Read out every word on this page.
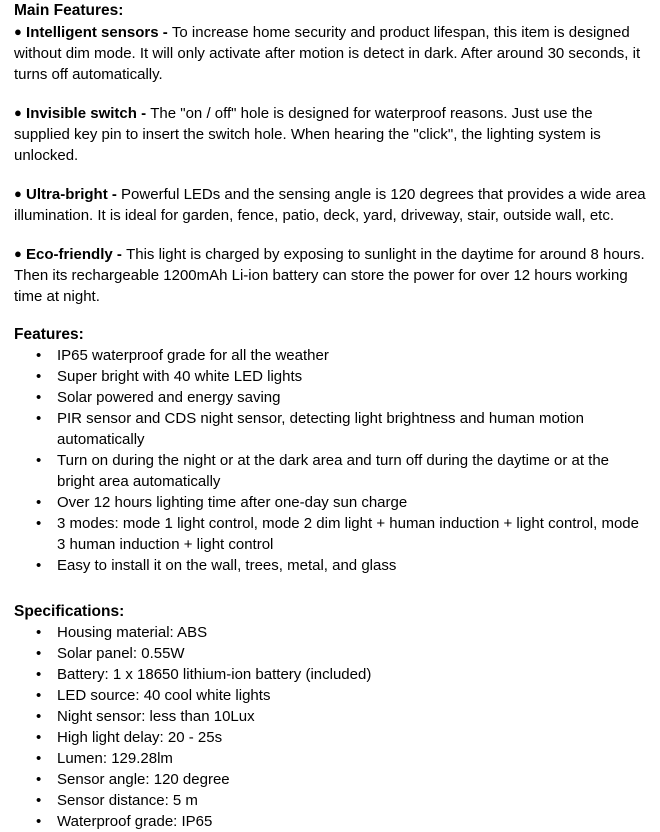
Main Features:

● Intelligent sensors - To increase home security and product lifespan, this item is designed without dim mode. It will only activate after motion is detect in dark. After around 30 seconds, it turns off automatically.

● Invisible switch - The "on / off" hole is designed for waterproof reasons. Just use the supplied key pin to insert the switch hole. When hearing the "click", the lighting system is unlocked.

● Ultra-bright - Powerful LEDs and the sensing angle is 120 degrees that provides a wide area illumination. It is ideal for garden, fence, patio, deck, yard, driveway, stair, outside wall, etc.

● Eco-friendly - This light is charged by exposing to sunlight in the daytime for around 8 hours. Then its rechargeable 1200mAh Li-ion battery can store the power for over 12 hours working time at night.

Features:
• IP65 waterproof grade for all the weather
• Super bright with 40 white LED lights
• Solar powered and energy saving
• PIR sensor and CDS night sensor, detecting light brightness and human motion automatically
• Turn on during the night or at the dark area and turn off during the daytime or at the bright area automatically
• Over 12 hours lighting time after one-day sun charge
• 3 modes: mode 1 light control, mode 2 dim light + human induction + light control, mode 3 human induction + light control
• Easy to install it on the wall, trees, metal, and glass
Specifications:
• Housing material: ABS
• Solar panel: 0.55W
• Battery: 1 x 18650 lithium-ion battery (included)
• LED source: 40 cool white lights
• Night sensor: less than 10Lux
• High light delay: 20 - 25s
• Lumen: 129.28lm
• Sensor angle: 120 degree
• Sensor distance: 5 m
• Waterproof grade: IP65
